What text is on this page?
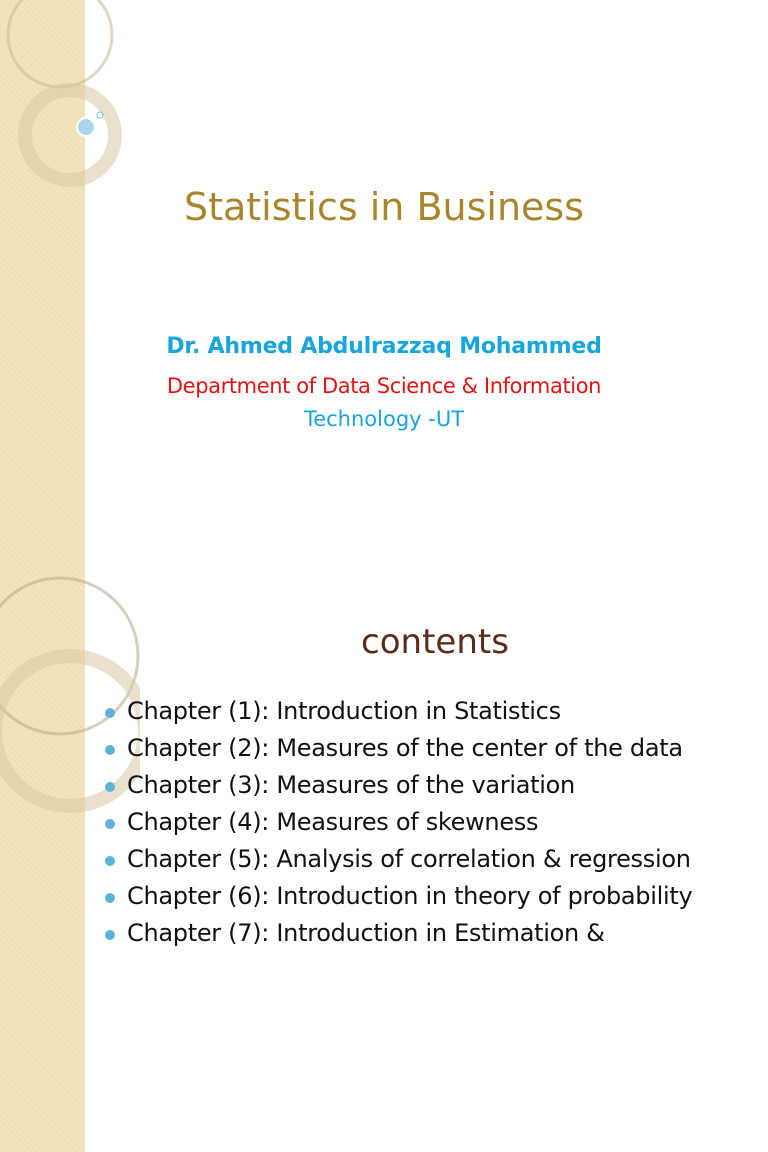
Statistics in Business
Dr. Ahmed Abdulrazzaq Mohammed
Department of Data Science & Information
Technology -UT
contents
Chapter (1): Introduction in Statistics
Chapter (2): Measures of the center of the data
Chapter (3): Measures of the variation
Chapter (4): Measures of skewness
Chapter (5): Analysis of correlation & regression
Chapter (6): Introduction in theory of probability
Chapter (7): Introduction in Estimation &
